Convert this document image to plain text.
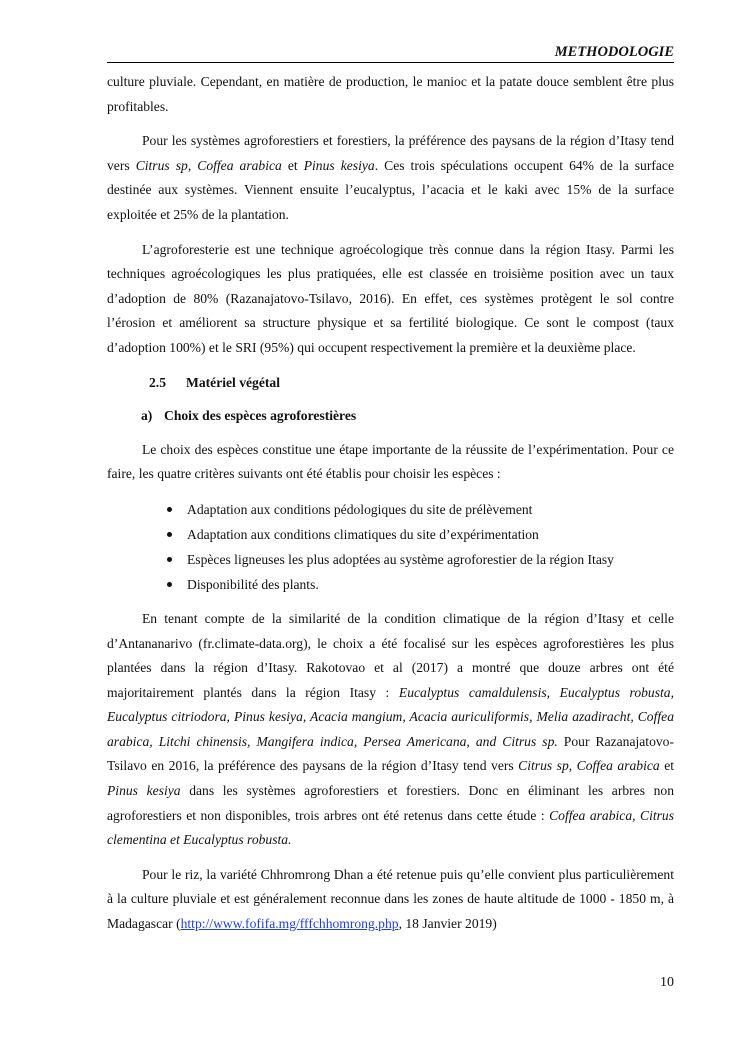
METHODOLOGIE

culture pluviale. Cependant, en matière de production, le manioc et la patate douce semblent être plus profitables.

Pour les systèmes agroforestiers et forestiers, la préférence des paysans de la région d’Itasy tend vers Citrus sp, Coffea arabica et Pinus kesiya. Ces trois spéculations occupent 64% de la surface destinée aux systèmes. Viennent ensuite l’eucalyptus, l’acacia et le kaki avec 15% de la surface exploitée et 25% de la plantation.

L’agroforesterie est une technique agroécologique très connue dans la région Itasy. Parmi les techniques agroécologiques les plus pratiquées, elle est classée en troisième position avec un taux d’adoption de 80% (Razanajatovo-Tsilavo, 2016). En effet, ces systèmes protègent le sol contre l’érosion et améliorent sa structure physique et sa fertilité biologique. Ce sont le compost (taux d’adoption 100%) et le SRI (95%) qui occupent respectivement la première et la deuxième place.

2.5 Matériel végétal
a) Choix des espèces agroforestières

Le choix des espèces constitue une étape importante de la réussite de l’expérimentation. Pour ce faire, les quatre critères suivants ont été établis pour choisir les espèces :

Adaptation aux conditions pédologiques du site de prélèvement
Adaptation aux conditions climatiques du site d’expérimentation
Espèces ligneuses les plus adoptées au système agroforestier de la région Itasy
Disponibilité des plants.

En tenant compte de la similarité de la condition climatique de la région d’Itasy et celle d’Antananarivo (fr.climate-data.org), le choix a été focalisé sur les espèces agroforestières les plus plantées dans la région d’Itasy. Rakotovao et al (2017) a montré que douze arbres ont été majoritairement plantés dans la région Itasy : Eucalyptus camaldulensis, Eucalyptus robusta, Eucalyptus citriodora, Pinus kesiya, Acacia mangium, Acacia auriculiformis, Melia azadiracht, Coffea arabica, Litchi chinensis, Mangifera indica, Persea Americana, and Citrus sp. Pour Razanajatovo-Tsilavo en 2016, la préférence des paysans de la région d’Itasy tend vers Citrus sp, Coffea arabica et Pinus kesiya dans les systèmes agroforestiers et forestiers. Donc en éliminant les arbres non agroforestiers et non disponibles, trois arbres ont été retenus dans cette étude : Coffea arabica, Citrus clementina et Eucalyptus robusta.

Pour le riz, la variété Chhromrong Dhan a été retenue puis qu’elle convient plus particulièrement à la culture pluviale et est généralement reconnue dans les zones de haute altitude de 1000 - 1850 m, à Madagascar (http://www.fofifa.mg/fffchhomrong.php, 18 Janvier 2019)

10
